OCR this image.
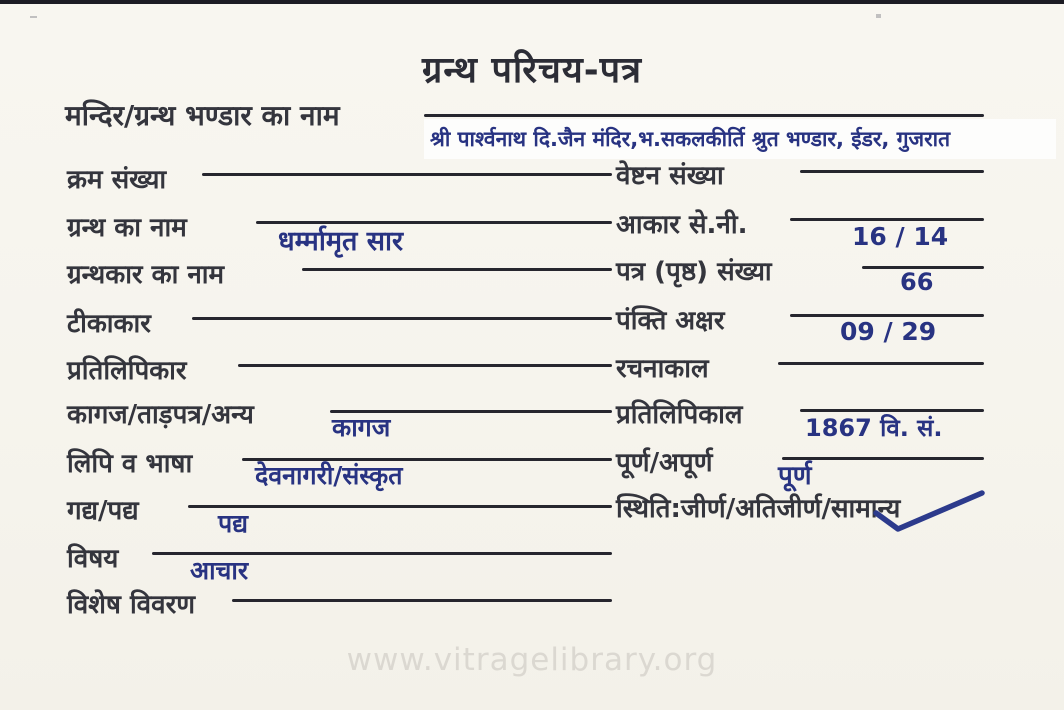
ग्रन्थ परिचय-पत्र
मन्दिर/ग्रन्थ भण्डार का नाम
श्री पार्श्वनाथ दि.जैन मंदिर,भ.सकलकीर्ति श्रुत भण्डार, ईडर, गुजरात
क्रम संख्या
ग्रन्थ का नाम	धर्म्मामृत सार
ग्रन्थकार का नाम
टीकाकार
प्रतिलिपिकार
कागज/ताड़पत्र/अन्य	कागज
लिपि व भाषा	देवनागरी/संस्कृत
गद्य/पद्य	पद्य
विषय	आचार
विशेष विवरण
वेष्टन संख्या
आकार से.नी.	16 / 14
पत्र (पृष्ठ) संख्या	66
पंक्ति अक्षर	09 / 29
रचनाकाल
प्रतिलिपिकाल	1867 वि. सं.
पूर्ण/अपूर्ण	पूर्ण
स्थिति:जीर्ण/अतिजीर्ण/सामान्य
www.vitragelibrary.org
